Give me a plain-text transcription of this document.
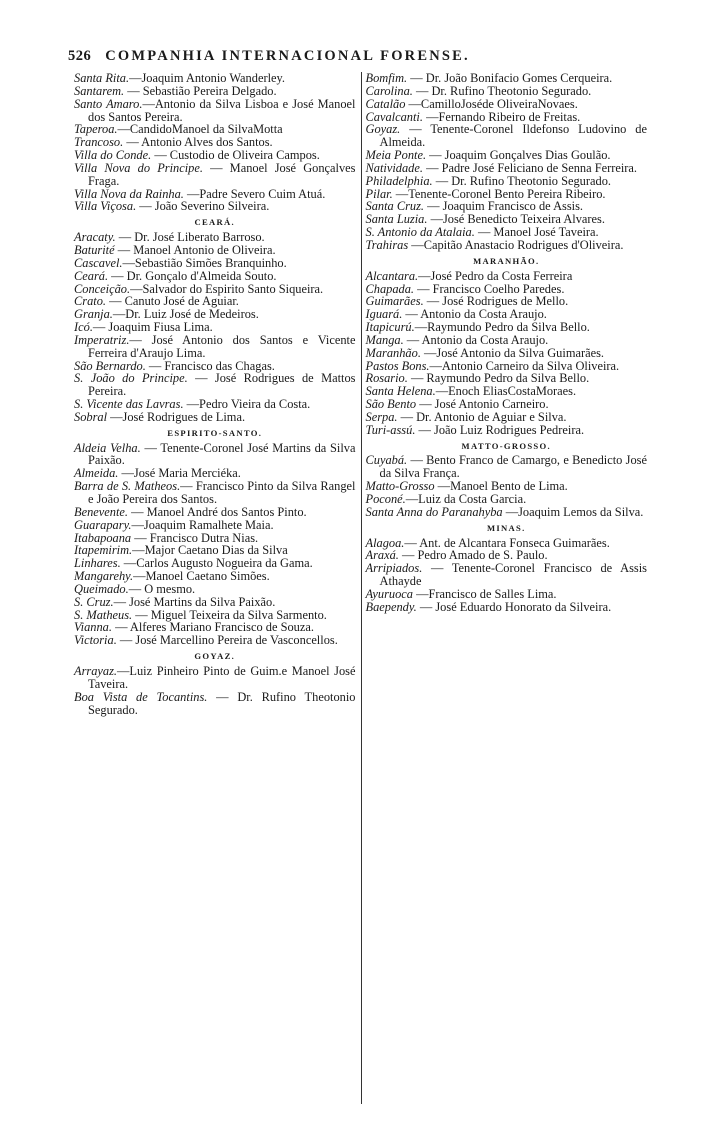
526 COMPANHIA INTERNACIONAL FORENSE.
Santa Rita.—Joaquim Antonio Wanderley.
Santarem. — Sebastião Pereira Delgado.
Santo Amaro.—Antonio da Silva Lisboa e José Manoel dos Santos Pereira.
Taperoa.—CandidoManoel da SilvaMotta
Trancoso. — Antonio Alves dos Santos.
Villa do Conde. — Custodio de Oliveira Campos.
Villa Nova do Principe. — Manoel José Gonçalves Fraga.
Villa Nova da Rainha. —Padre Severo Cuim Atuá.
Villa Viçosa. — João Severino Silveira.
CEARÁ.
Aracaty. — Dr. José Liberato Barroso.
Baturité — Manoel Antonio de Oliveira.
Cascavel.—Sebastião Simões Branquinho.
Ceará. — Dr. Gonçalo d'Almeida Souto.
Conceição.—Salvador do Espirito Santo Siqueira.
Crato. — Canuto José de Aguiar.
Granja.—Dr. Luiz José de Medeiros.
Icó.— Joaquim Fiusa Lima.
Imperatriz.— José Antonio dos Santos e Vicente Ferreira d'Araujo Lima.
São Bernardo. — Francisco das Chagas.
S. João do Principe. — José Rodrigues de Mattos Pereira.
S. Vicente das Lavras. —Pedro Vieira da Costa.
Sobral —José Rodrigues de Lima.
ESPIRITO-SANTO.
Aldeia Velha. — Tenente-Coronel José Martins da Silva Paixão.
Almeida. —José Maria Merciéka.
Barra de S. Matheos.— Francisco Pinto da Silva Rangel e João Pereira dos Santos.
Benevente. — Manoel André dos Santos Pinto.
Guarapary.—Joaquim Ramalhete Maia.
Itabapoana — Francisco Dutra Nias.
Itapemirim.—Major Caetano Dias da Silva
Linhares. —Carlos Augusto Nogueira da Gama.
Mangarehy.—Manoel Caetano Simões.
Queimado.— O mesmo.
S. Cruz.— José Martins da Silva Paixão.
S. Matheus. — Miguel Teixeira da Silva Sarmento.
Vianna. — Alferes Mariano Francisco de Souza.
Victoria. — José Marcellino Pereira de Vasconcellos.
GOYAZ.
Arrayaz.—Luiz Pinheiro Pinto de Guim.e Manoel José Taveira.
Boa Vista de Tocantins. — Dr. Rufino Theotonio Segurado.
Bomfim. — Dr. João Bonifacio Gomes Cerqueira.
Carolina. — Dr. Rufino Theotonio Segurado.
Catalão —CamilloJoséde OliveiraNovaes.
Cavalcanti. —Fernando Ribeiro de Freitas.
Goyaz. — Tenente-Coronel Ildefonso Ludovino de Almeida.
Meia Ponte. — Joaquim Gonçalves Dias Goulão.
Natividade. — Padre José Feliciano de Senna Ferreira.
Philadelphia. — Dr. Rufino Theotonio Segurado.
Pilar. —Tenente-Coronel Bento Pereira Ribeiro.
Santa Cruz. — Joaquim Francisco de Assis.
Santa Luzia. —José Benedicto Teixeira Alvares.
S. Antonio da Atalaia. — Manoel José Taveira.
Trahiras —Capitão Anastacio Rodrigues d'Oliveira.
MARANHÃO.
Alcantara.—José Pedro da Costa Ferreira
Chapada. — Francisco Coelho Paredes.
Guimarães. — José Rodrigues de Mello.
Iguará. — Antonio da Costa Araujo.
Itapicurú.—Raymundo Pedro da Silva Bello.
Manga. — Antonio da Costa Araujo.
Maranhão. —José Antonio da Silva Guimarães.
Pastos Bons.—Antonio Carneiro da Silva Oliveira.
Rosario. — Raymundo Pedro da Silva Bello.
Santa Helena.—Enoch EliasCostaMoraes.
São Bento — José Antonio Carneiro.
Serpa. — Dr. Antonio de Aguiar e Silva.
Turi-assú. — João Luiz Rodrigues Pedreira.
MATTO-GROSSO.
Cuyabá. — Bento Franco de Camargo, e Benedicto José da Silva França.
Matto-Grosso —Manoel Bento de Lima.
Poconé.—Luiz da Costa Garcia.
Santa Anna do Paranahyba —Joaquim Lemos da Silva.
MINAS.
Alagoa.— Ant. de Alcantara Fonseca Guimarães.
Araxá. — Pedro Amado de S. Paulo.
Arripiados. — Tenente-Coronel Francisco de Assis Athayde
Ayuruoca —Francisco de Salles Lima.
Baependy. — José Eduardo Honorato da Silveira.
